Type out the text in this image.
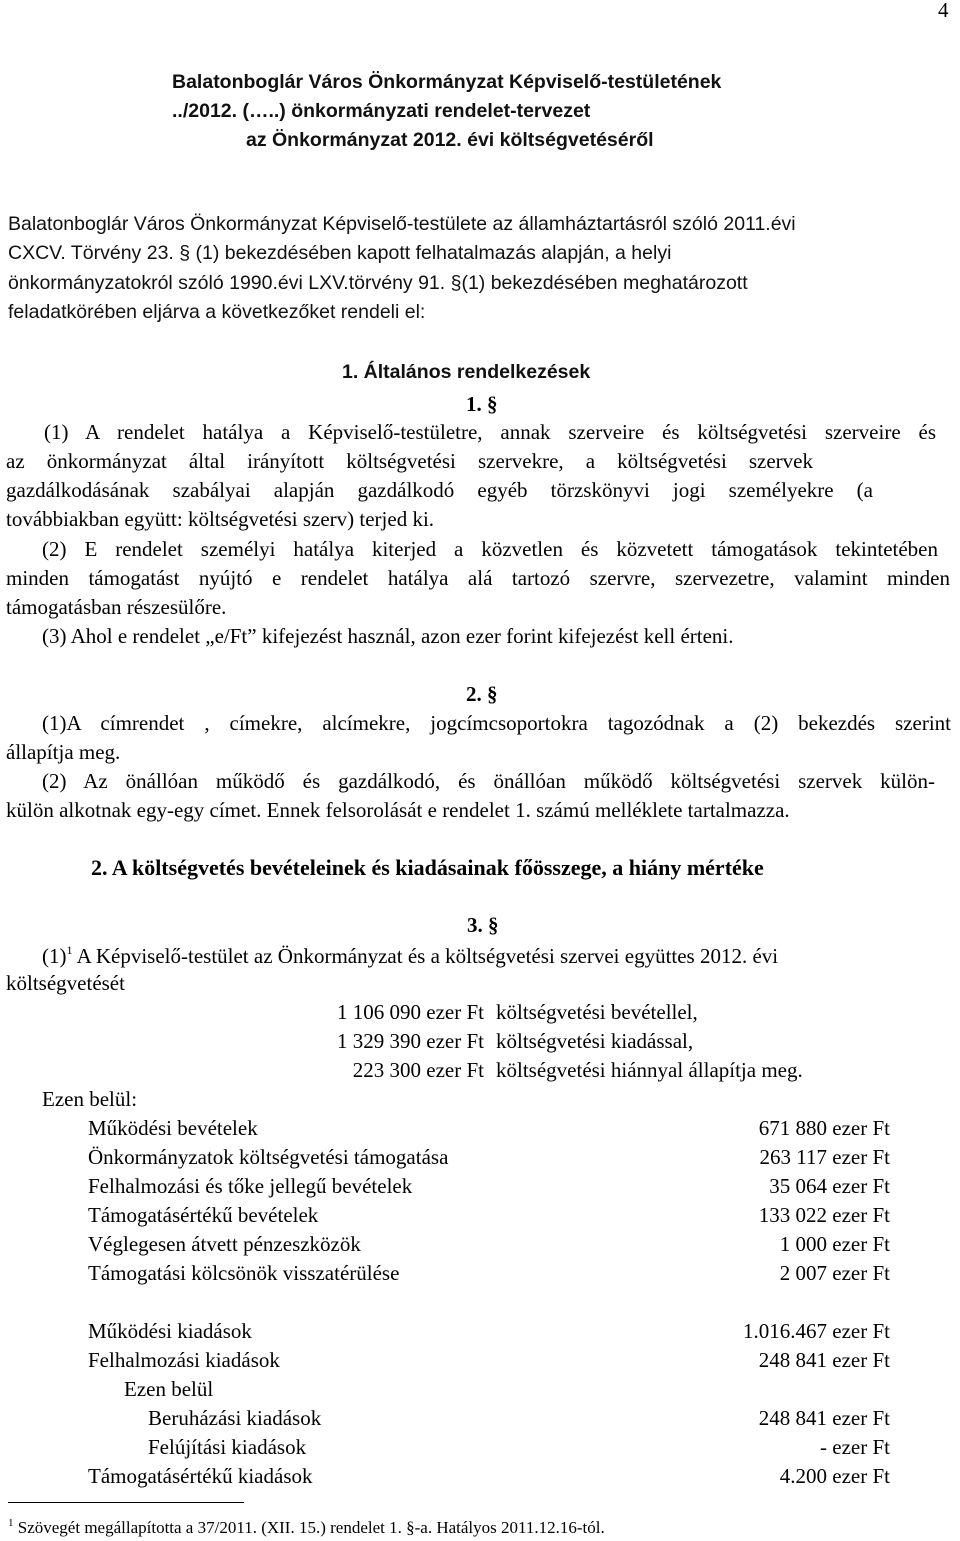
4
Balatonboglár Város Önkormányzat Képviselő-testületének
../2012. (…..) önkormányzati rendelet-tervezet
az Önkormányzat 2012. évi költségvetéséről
Balatonboglár Város Önkormányzat Képviselő-testülete az államháztartásról szóló 2011.évi
CXCV. Törvény 23. § (1) bekezdésében kapott felhatalmazás alapján, a helyi
önkormányzatokról szóló 1990.évi LXV.törvény 91. §(1) bekezdésében meghatározott
feladatkörében eljárva a következőket rendeli el:
1. Általános rendelkezések
1. §
(1) A rendelet hatálya a Képviselő-testületre, annak szerveire és költségvetési szerveire és
az önkormányzat által irányított költségvetési szervekre, a költségvetési szervek
gazdálkodásának szabályai alapján gazdálkodó egyéb törzskönyvi jogi személyekre (a
továbbiakban együtt: költségvetési szerv) terjed ki.
(2) E rendelet személyi hatálya kiterjed a közvetlen és közvetett támogatások tekintetében
minden támogatást nyújtó e rendelet hatálya alá tartozó szervre, szervezetre, valamint minden
támogatásban részesülőre.
(3) Ahol e rendelet „e/Ft” kifejezést használ, azon ezer forint kifejezést kell érteni.
2. §
(1)A címrendet , címekre, alcímekre, jogcímcsoportokra tagozódnak a (2) bekezdés szerint
állapítja meg.
(2) Az önállóan működő és gazdálkodó, és önállóan működő költségvetési szervek külön-
külön alkotnak egy-egy címet. Ennek felsorolását e rendelet 1. számú melléklete tartalmazza.
2. A költségvetés bevételeinek és kiadásainak főösszege, a hiány mértéke
3. §
$(1)^1$ A Képviselő-testület az Önkormányzat és a költségvetési szervei együttes 2012. évi
költségvetését
1 106 090 ezer Ft költségvetési bevétellel,
1 329 390 ezer Ft költségvetési kiadással,
223 300 ezer Ft költségvetési hiánnyal állapítja meg.
Ezen belül:
Működési bevételek	671 880 ezer Ft
Önkormányzatok költségvetési támogatása	263 117 ezer Ft
Felhalmozási és tőke jellegű bevételek	35 064 ezer Ft
Támogatásértékű bevételek	133 022 ezer Ft
Véglegesen átvett pénzeszközök	1 000 ezer Ft
Támogatási kölcsönök visszatérülése	2 007 ezer Ft
Működési kiadások	1.016.467 ezer Ft
Felhalmozási kiadások	248 841 ezer Ft
Ezen belül
Beruházási kiadások	248 841 ezer Ft
Felújítási kiadások	- ezer Ft
Támogatásértékű kiadások	4.200 ezer Ft
$^1$ Szövegét megállapította a 37/2011. (XII. 15.) rendelet 1. §-a. Hatályos 2011.12.16-tól.
